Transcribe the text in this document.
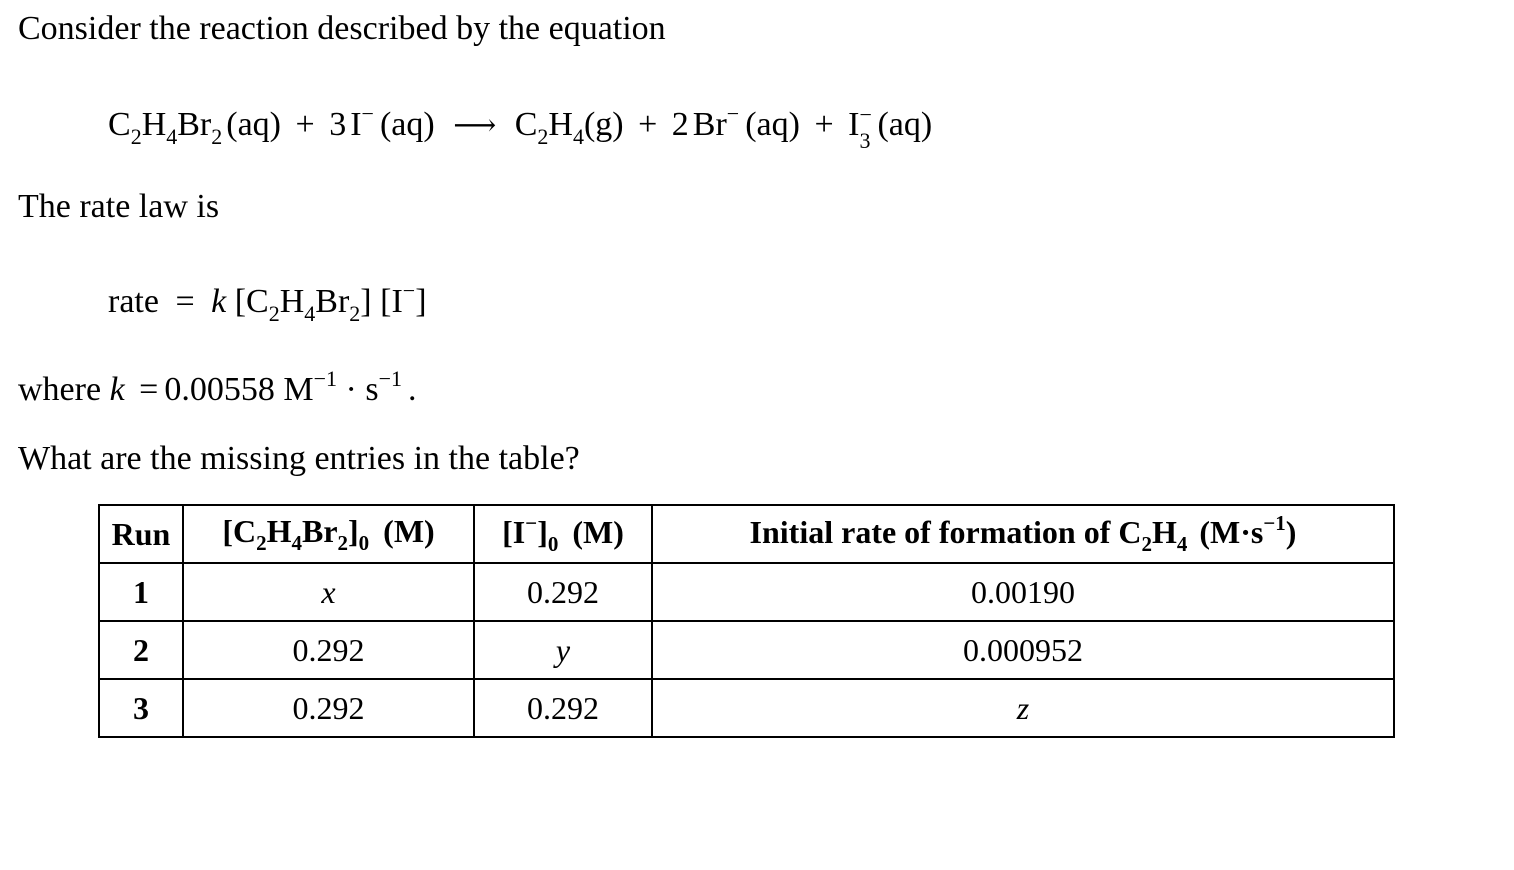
Consider the reaction described by the equation
$C_2H_4Br_2$ (aq) + 3 I− (aq) ⟶ $C_2H_4(g) + 2$ Br− (aq) + I −
3 (aq)
The rate law is
rate = k $[C_2H_4Br_2]$ [I−]
where k = 0.00558 $M^{-1} \cdot s^{-1}$ .
What are the missing entries in the table?
Run	$[C_2H_4Br_2]_0$ (M)	$[I^-]_0$ (M)	Initial rate of formation of $C_2H_4$ $(M\cdot s^{-1})$
1	x	0.292	0.00190
2	0.292	y	0.000952
3	0.292	0.292	z
